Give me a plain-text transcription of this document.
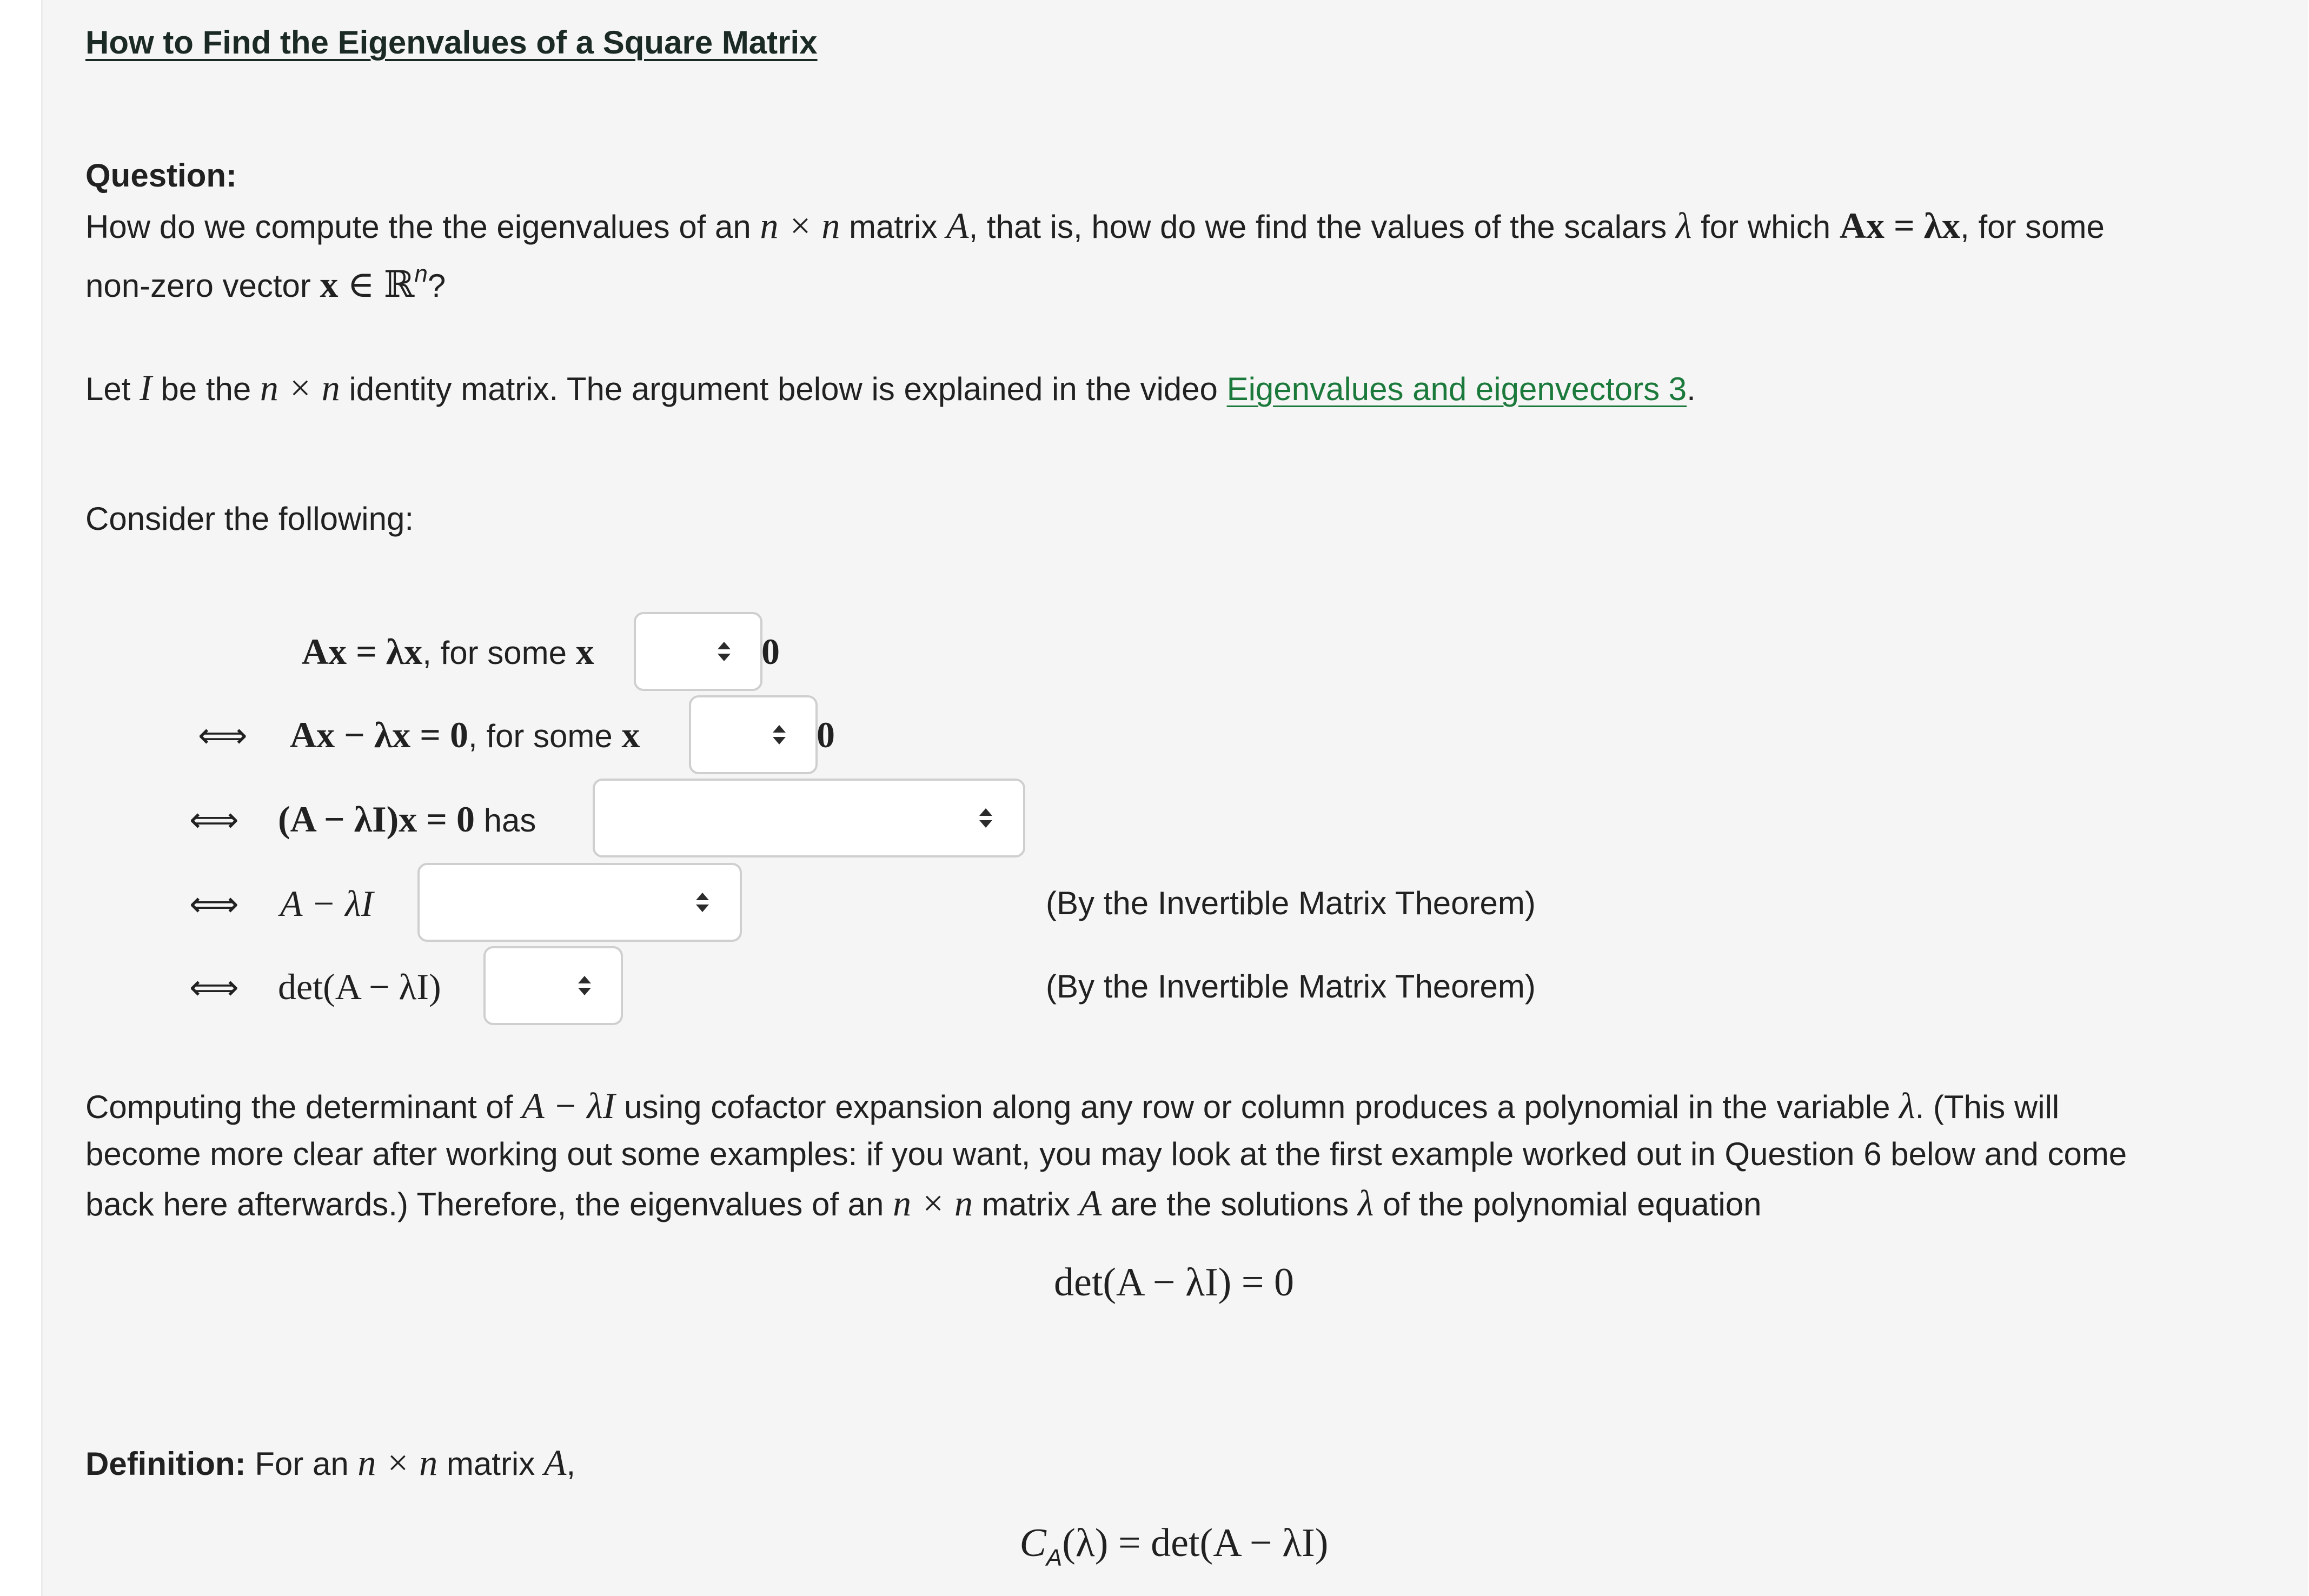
How to Find the Eigenvalues of a Square Matrix
Question:
How do we compute the the eigenvalues of an n × n matrix A, that is, how do we find the values of the scalars λ for which Ax = λx, for some
non-zero vector x ∈ ℝ$^n$?
Let I be the n × n identity matrix. The argument below is explained in the video Eigenvalues and eigenvectors 3.
Consider the following:
Ax = λx, for some x	0
⟺ Ax − λx = 0, for some x	0
⟺ (A − λI)x = 0 has
⟺ A − λI	(By the Invertible Matrix Theorem)
⟺ det(A − λI)	(By the Invertible Matrix Theorem)
Computing the determinant of A − λI using cofactor expansion along any row or column produces a polynomial in the variable λ. (This will
become more clear after working out some examples: if you want, you may look at the first example worked out in Question 6 below and come
back here afterwards.) Therefore, the eigenvalues of an n × n matrix A are the solutions λ of the polynomial equation
det(A − λI) = 0
Definition: For an n × n matrix A,
CA(λ) = det(A − λI)
